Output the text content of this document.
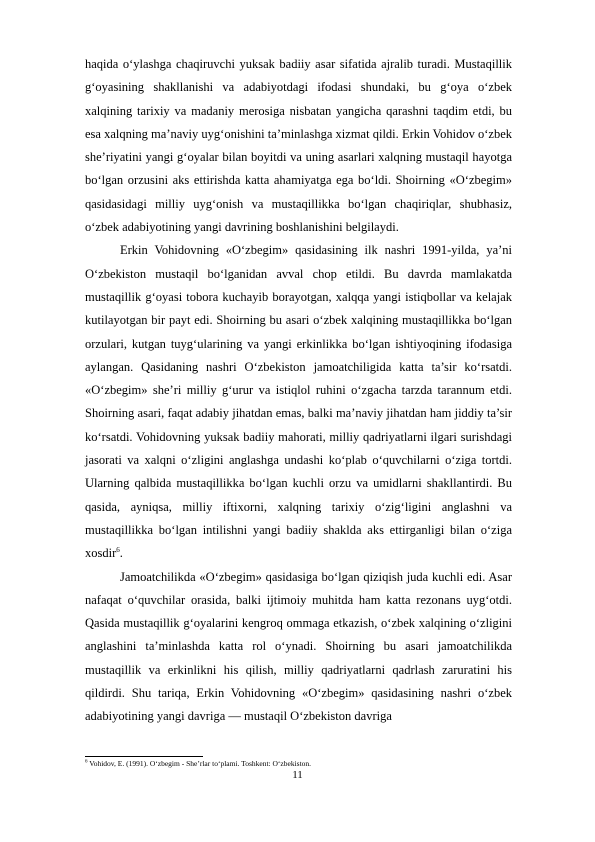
haqida o‘ylashga chaqiruvchi yuksak badiiy asar sifatida ajralib turadi. Mustaqillik g‘oyasining shakllanishi va adabiyotdagi ifodasi shundaki, bu g‘oya o‘zbek xalqining tarixiy va madaniy merosiga nisbatan yangicha qarashni taqdim etdi, bu esa xalqning ma’naviy uyg‘onishini ta’minlashga xizmat qildi. Erkin Vohidov o‘zbek she’riyatini yangi g‘oyalar bilan boyitdi va uning asarlari xalqning mustaqil hayotga bo‘lgan orzusini aks ettirishda katta ahamiyatga ega bo‘ldi. Shoirning «O‘zbegim» qasidasidagi milliy uyg‘onish va mustaqillikka bo‘lgan chaqiriqlar, shubhasiz, o‘zbek adabiyotining yangi davrining boshlanishini belgilaydi.

Erkin Vohidovning «O‘zbegim» qasidasining ilk nashri 1991-yilda, ya’ni O‘zbekiston mustaqil bo‘lganidan avval chop etildi. Bu davrda mamlakatda mustaqillik g‘oyasi tobora kuchayib borayotgan, xalqqa yangi istiqbollar va kelajak kutilayotgan bir payt edi. Shoirning bu asari o‘zbek xalqining mustaqillikka bo‘lgan orzulari, kutgan tuyg‘ularining va yangi erkinlikka bo‘lgan ishtiyoqining ifodasiga aylangan. Qasidaning nashri O‘zbekiston jamoatchiligida katta ta’sir ko‘rsatdi. «O‘zbegim» she’ri milliy g‘urur va istiqlol ruhini o‘zgacha tarzda tarannum etdi. Shoirning asari, faqat adabiy jihatdan emas, balki ma’naviy jihatdan ham jiddiy ta’sir ko‘rsatdi. Vohidovning yuksak badiiy mahorati, milliy qadriyatlarni ilgari surishdagi jasorati va xalqni o‘zligini anglashga undashi ko‘plab o‘quvchilarni o‘ziga tortdi. Ularning qalbida mustaqillikka bo‘lgan kuchli orzu va umidlarni shakllantirdi. Bu qasida, ayniqsa, milliy iftixorni, xalqning tarixiy o‘zig‘ligini anglashni va mustaqillikka bo‘lgan intilishni yangi badiiy shaklda aks ettirganligi bilan o‘ziga xosdir$^6$.

Jamoatchilikda «O‘zbegim» qasidasiga bo‘lgan qiziqish juda kuchli edi. Asar nafaqat o‘quvchilar orasida, balki ijtimoiy muhitda ham katta rezonans uyg‘otdi. Qasida mustaqillik g‘oyalarini kengroq ommaga etkazish, o‘zbek xalqining o‘zligini anglashini ta’minlashda katta rol o‘ynadi. Shoirning bu asari jamoatchilikda mustaqillik va erkinlikni his qilish, milliy qadriyatlarni qadrlash zaruratini his qildirdi. Shu tariqa, Erkin Vohidovning «O‘zbegim» qasidasining nashri o‘zbek adabiyotining yangi davriga — mustaqil O‘zbekiston davriga

$^6$ Vohidov, E. (1991). O‘zbegim - She’rlar to‘plami. Toshkent: O‘zbekiston.

11
